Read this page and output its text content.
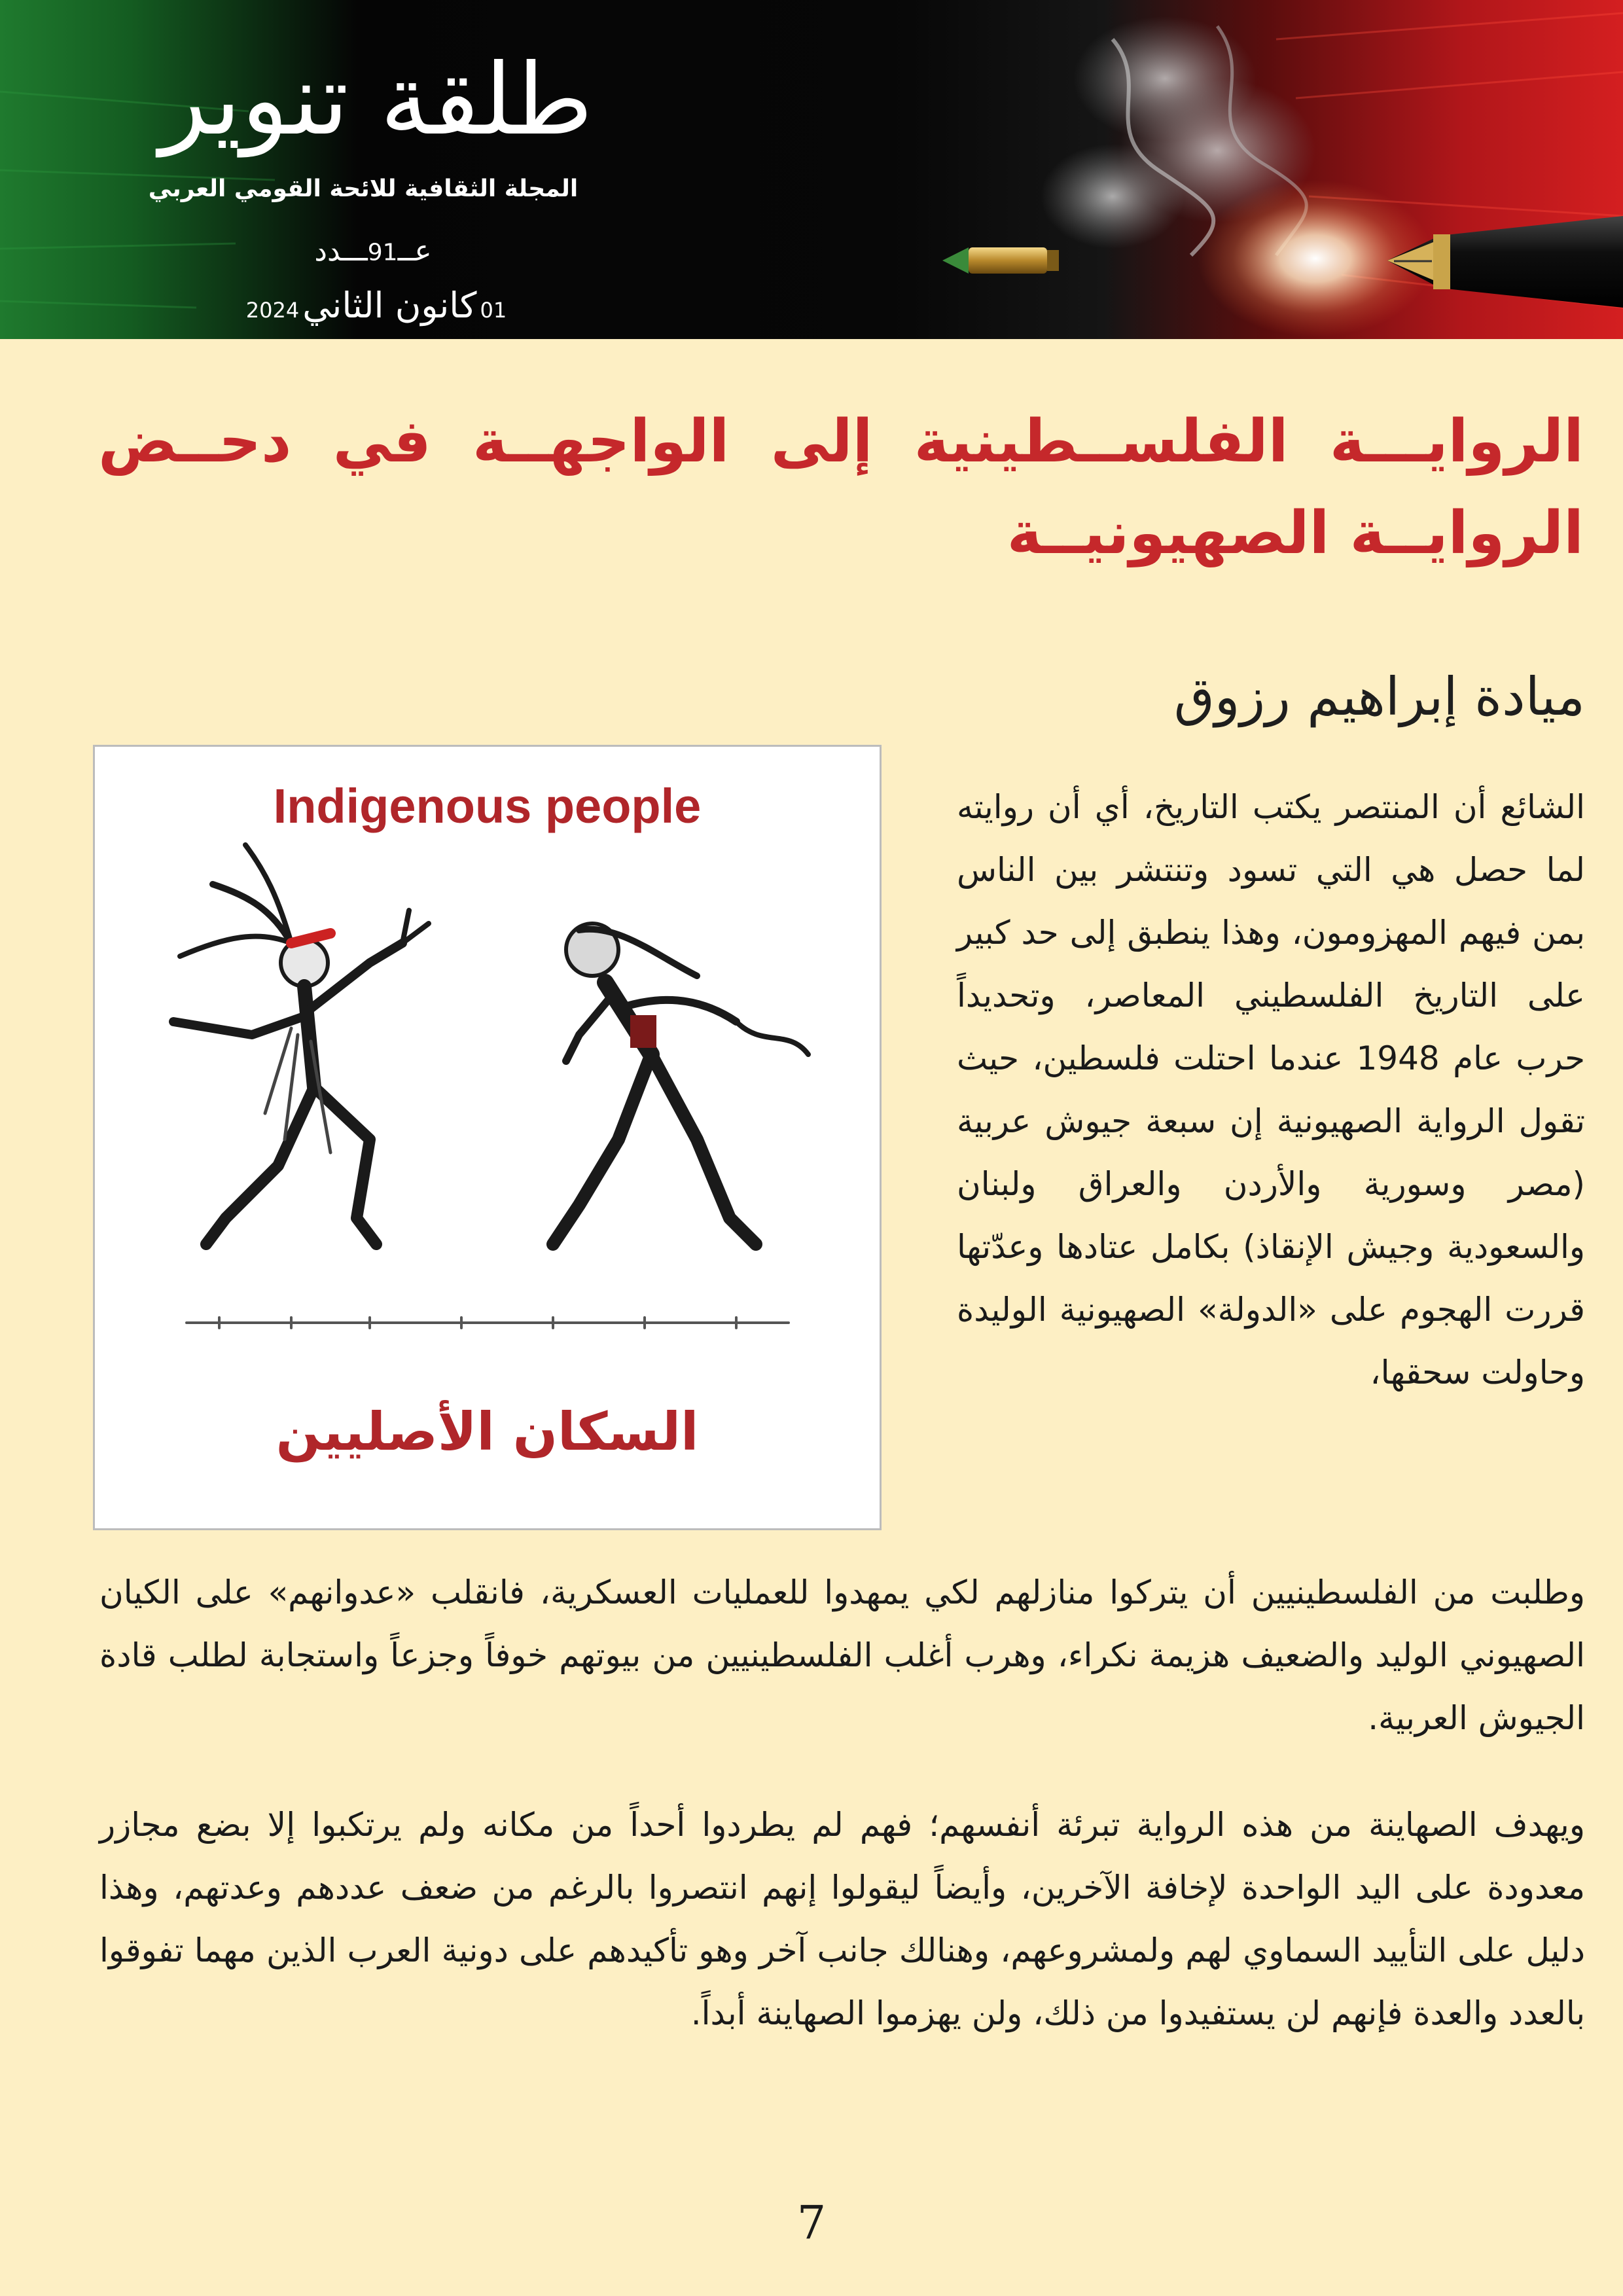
طلقة تنوير
المجلة الثقافية للائحة القومي العربي
عــ91ـــدد
01 كانون الثاني 2024
الروايـــة الفلســطينية إلى الواجهــة في دحــض الروايــة الصهيونيــة
ميادة إبراهيم رزوق
Indigenous people
السكان الأصليين
الشائع أن المنتصر يكتب التاريخ، أي أن روايته لما حصل هي التي تسود وتنتشر بين الناس بمن فيهم المهزومون، وهذا ينطبق إلى حد كبير على التاريخ الفلسطيني المعاصر، وتحديداً حرب عام 1948 عندما احتلت فلسطين، حيث تقول الرواية الصهيونية إن سبعة جيوش عربية (مصر وسورية والأردن والعراق ولبنان والسعودية وجيش الإنقاذ) بكامل عتادها وعدّتها قررت الهجوم على «الدولة» الصهيونية الوليدة وحاولت سحقها،
وطلبت من الفلسطينيين أن يتركوا منازلهم لكي يمهدوا للعمليات العسكرية، فانقلب «عدوانهم» على الكيان الصهيوني الوليد والضعيف هزيمة نكراء، وهرب أغلب الفلسطينيين من بيوتهم خوفاً وجزعاً واستجابة لطلب قادة الجيوش العربية.
ويهدف الصهاينة من هذه الرواية تبرئة أنفسهم؛ فهم لم يطردوا أحداً من مكانه ولم يرتكبوا إلا بضع مجازر معدودة على اليد الواحدة لإخافة الآخرين، وأيضاً ليقولوا إنهم انتصروا بالرغم من ضعف عددهم وعدتهم، وهذا دليل على التأييد السماوي لهم ولمشروعهم، وهنالك جانب آخر وهو تأكيدهم على دونية العرب الذين مهما تفوقوا بالعدد والعدة فإنهم لن يستفيدوا من ذلك، ولن يهزموا الصهاينة أبداً.
7
